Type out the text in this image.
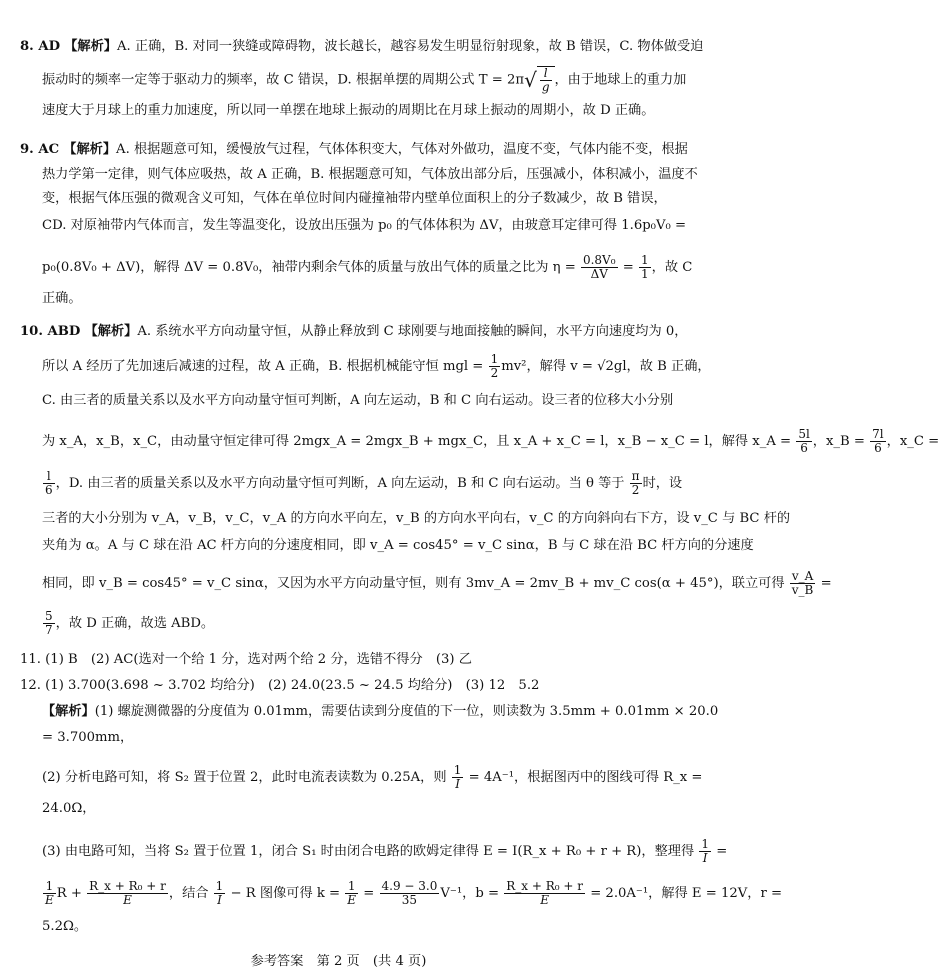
8. AD 【解析】A. 正确，B. 对同一狭缝或障碍物，波长越长，越容易发生明显衍射现象，故 B 错误，C. 物体做受迫
振动时的频率一定等于驱动力的频率，故 C 错误，D. 根据单摆的周期公式 $T = 2\pi√ \frac{l}{g}$ ，由于地球上的重力加
速度大于月球上的重力加速度，所以同一单摆在地球上振动的周期比在月球上振动的周期小，故 D 正确。
9. AC 【解析】A. 根据题意可知，缓慢放气过程，气体体积变大，气体对外做功，温度不变，气体内能不变，根据
热力学第一定律，则气体应吸热，故 A 正确，B. 根据题意可知，气体放出部分后，压强减小，体积减小，温度不
变，根据气体压强的微观含义可知，气体在单位时间内碰撞袖带内壁单位面积上的分子数减少，故 B 错误，
CD. 对原袖带内气体而言，发生等温变化，设放出压强为 p₀ 的气体体积为 ΔV，由玻意耳定律可得 1.6p₀V₀ =
p₀(0.8V₀ + ΔV)，解得 ΔV = 0.8V₀，袖带内剩余气体的质量与放出气体的质量之比为 $\eta = \frac{\text{0.8V₀}}{\Delta V} = \frac{1}{1}$ ，故 C
正确。
10. ABD 【解析】A. 系统水平方向动量守恒，从静止释放到 C 球刚要与地面接触的瞬间，水平方向速度均为 0，
所以 A 经历了先加速后减速的过程，故 A 正确，B. 根据机械能守恒 mgl = $\frac{1}{2} mv^2$，解得 v = √2gl，故 B 正确，
C. 由三者的质量关系以及水平方向动量守恒可判断，A 向左运动，B 和 C 向右运动。设三者的位移大小分别
为 x_A，x_B，x_C，由动量守恒定律可得 2mgx_A = 2mgx_B + mgx_C，且 x_A + x_C = l，x_B − x_C = l，解得 x_A = $\frac{5l}{6}$ ，x_B = $\frac{7l}{6}$ ，x_C =
$\frac{l}{6}$ ，D. 由三者的质量关系以及水平方向动量守恒可判断，A 向左运动，B 和 C 向右运动。当 θ 等于 $\frac{\pi}{2}$ 时，设
三者的大小分别为 v_A，v_B，v_C，v_A 的方向水平向左，v_B 的方向水平向右，v_C 的方向斜向右下方，设 v_C 与 BC 杆的
夹角为 α。A 与 C 球在沿 AC 杆方向的分速度相同，即 v_A = cos45° = v_C sinα，B 与 C 球在沿 BC 杆方向的分速度
相同，即 v_B = cos45° = v_C sinα，又因为水平方向动量守恒，则有 3mv_A = 2mv_B + mv_C cos(α + 45°)，联立可得 $\frac{v\_A}{v\_B}$ =
$\frac{5}{7}$ ，故 D 正确，故选 ABD。
11. (1) B　(2) AC(选对一个给 1 分，选对两个给 2 分，选错不得分　(3) 乙
12. (1) 3.700(3.698 ~ 3.702 均给分)　(2) 24.0(23.5 ~ 24.5 均给分)　(3) 12　5.2
【解析】(1) 螺旋测微器的分度值为 0.01mm，需要估读到分度值的下一位，则读数为 3.5mm + 0.01mm × 20.0
= 3.700mm，
(2) 分析电路可知，将 S₂ 置于位置 2，此时电流表读数为 0.25A，则 $\frac{1}{I} = 4A^{-1}$，根据图丙中的图线可得 R_x =
24.0Ω，
(3) 由电路可知，当将 S₂ 置于位置 1，闭合 S₁ 时由闭合电路的欧姆定律得 E = I(R_x + R₀ + r + R)，整理得 $\frac{1}{I}$ =
$\frac{1}{E}$ $R + \frac{\text{R\_x + R₀ + r}}{E}$ ，结合 $\frac{1}{I} - R$ 图像可得 $k = \frac{1}{E} = \frac{4.9 - 3.0}{35} V^{-1}$，$b = \frac{\text{R\_x + R₀ + r}}{E} = 2.0A^{-1}$，解得 E = 12V，r =
5.2Ω。
参考答案　第 2 页　(共 4 页)
